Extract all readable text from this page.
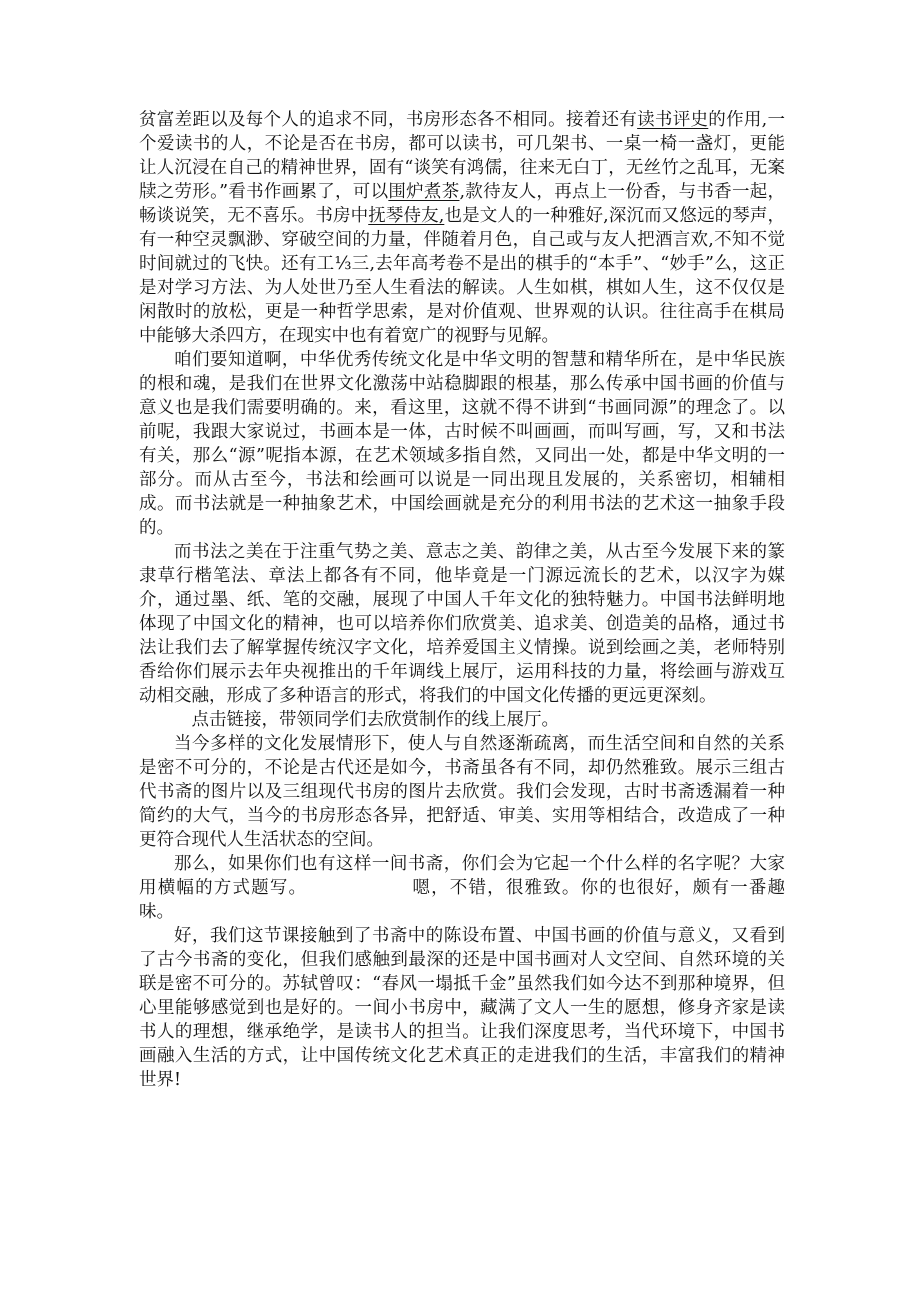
贫富差距以及每个人的追求不同，书房形态各不相同。接着还有读书评史的作用,一个爱读书的人，不论是否在书房，都可以读书，可几架书、一桌一椅一盏灯，更能让人沉浸在自己的精神世界，固有“谈笑有鸿儒，往来无白丁，无丝竹之乱耳，无案牍之劳形。”看书作画累了，可以围炉煮茶,款待友人，再点上一份香，与书香一起，畅谈说笑，无不喜乐。书房中抚琴侍友,也是文人的一种雅好,深沉而又悠远的琴声，有一种空灵飘渺、穿破空间的力量，伴随着月色，自己或与友人把酒言欢,不知不觉时间就过的飞快。还有工⅓三,去年高考卷不是出的棋手的“本手”、“妙手”么，这正是对学习方法、为人处世乃至人生看法的解读。人生如棋，棋如人生，这不仅仅是闲散时的放松，更是一种哲学思索，是对价值观、世界观的认识。往往高手在棋局中能够大杀四方，在现实中也有着宽广的视野与见解。

咱们要知道啊，中华优秀传统文化是中华文明的智慧和精华所在，是中华民族的根和魂，是我们在世界文化激荡中站稳脚跟的根基，那么传承中国书画的价值与意义也是我们需要明确的。来，看这里，这就不得不讲到“书画同源”的理念了。以前呢，我跟大家说过，书画本是一体，古时候不叫画画，而叫写画，写，又和书法有关，那么“源”呢指本源，在艺术领域多指自然，又同出一处，都是中华文明的一部分。而从古至今，书法和绘画可以说是一同出现且发展的，关系密切，相辅相成。而书法就是一种抽象艺术，中国绘画就是充分的利用书法的艺术这一抽象手段的。

而书法之美在于注重气势之美、意志之美、韵律之美，从古至今发展下来的篆隶草行楷笔法、章法上都各有不同，他毕竟是一门源远流长的艺术，以汉字为媒介，通过墨、纸、笔的交融，展现了中国人千年文化的独特魅力。中国书法鲜明地体现了中国文化的精神，也可以培养你们欣赏美、追求美、创造美的品格，通过书法让我们去了解掌握传统汉字文化，培养爱国主义情操。说到绘画之美，老师特别香给你们展示去年央视推出的千年调线上展厅，运用科技的力量，将绘画与游戏互动相交融，形成了多种语言的形式，将我们的中国文化传播的更远更深刻。

点击链接，带领同学们去欣赏制作的线上展厅。

当今多样的文化发展情形下，使人与自然逐渐疏离，而生活空间和自然的关系是密不可分的，不论是古代还是如今，书斋虽各有不同，却仍然雅致。展示三组古代书斋的图片以及三组现代书房的图片去欣赏。我们会发现，古时书斋透漏着一种简约的大气，当今的书房形态各异，把舒适、审美、实用等相结合，改造成了一种更符合现代人生活状态的空间。

那么，如果你们也有这样一间书斋，你们会为它起一个什么样的名字呢？大家用横幅的方式题写。	嗯，不错，很雅致。你的也很好，颇有一番趣味。

好，我们这节课接触到了书斋中的陈设布置、中国书画的价值与意义，又看到了古今书斋的变化，但我们感触到最深的还是中国书画对人文空间、自然环境的关联是密不可分的。苏轼曾叹：“春风一塌抵千金”虽然我们如今达不到那种境界，但心里能够感觉到也是好的。一间小书房中，藏满了文人一生的愿想，修身齐家是读书人的理想，继承绝学，是读书人的担当。让我们深度思考，当代环境下，中国书画融入生活的方式，让中国传统文化艺术真正的走进我们的生活，丰富我们的精神世界!
